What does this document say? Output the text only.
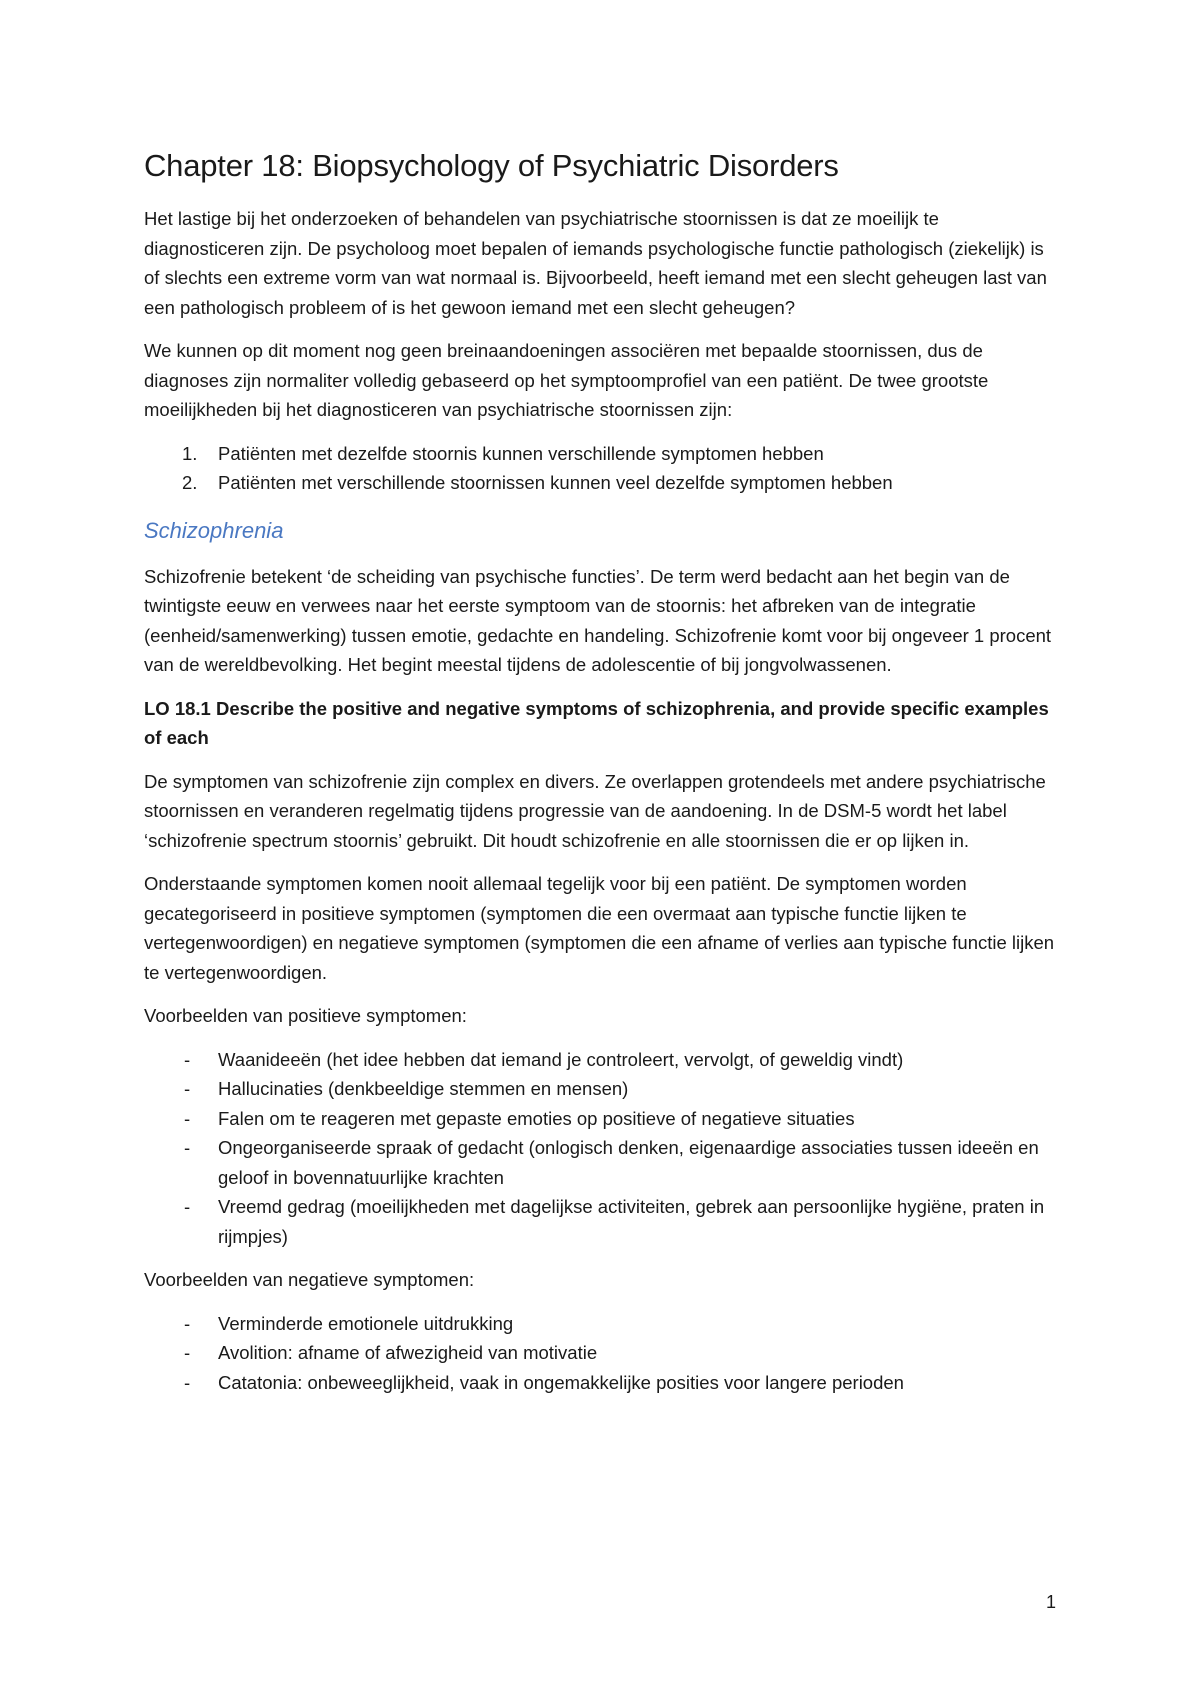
Chapter 18: Biopsychology of Psychiatric Disorders

Het lastige bij het onderzoeken of behandelen van psychiatrische stoornissen is dat ze moeilijk te diagnosticeren zijn. De psycholoog moet bepalen of iemands psychologische functie pathologisch (ziekelijk) is of slechts een extreme vorm van wat normaal is. Bijvoorbeeld, heeft iemand met een slecht geheugen last van een pathologisch probleem of is het gewoon iemand met een slecht geheugen?

We kunnen op dit moment nog geen breinaandoeningen associëren met bepaalde stoornissen, dus de diagnoses zijn normaliter volledig gebaseerd op het symptoomprofiel van een patiënt. De twee grootste moeilijkheden bij het diagnosticeren van psychiatrische stoornissen zijn:

1. Patiënten met dezelfde stoornis kunnen verschillende symptomen hebben
2. Patiënten met verschillende stoornissen kunnen veel dezelfde symptomen hebben
Schizophrenia

Schizofrenie betekent ‘de scheiding van psychische functies’. De term werd bedacht aan het begin van de twintigste eeuw en verwees naar het eerste symptoom van de stoornis: het afbreken van de integratie (eenheid/samenwerking) tussen emotie, gedachte en handeling. Schizofrenie komt voor bij ongeveer 1 procent van de wereldbevolking. Het begint meestal tijdens de adolescentie of bij jongvolwassenen.

LO 18.1 Describe the positive and negative symptoms of schizophrenia, and provide specific examples of each

De symptomen van schizofrenie zijn complex en divers. Ze overlappen grotendeels met andere psychiatrische stoornissen en veranderen regelmatig tijdens progressie van de aandoening. In de DSM-5 wordt het label ‘schizofrenie spectrum stoornis’ gebruikt. Dit houdt schizofrenie en alle stoornissen die er op lijken in.

Onderstaande symptomen komen nooit allemaal tegelijk voor bij een patiënt. De symptomen worden gecategoriseerd in positieve symptomen (symptomen die een overmaat aan typische functie lijken te vertegenwoordigen) en negatieve symptomen (symptomen die een afname of verlies aan typische functie lijken te vertegenwoordigen.

Voorbeelden van positieve symptomen:

- Waanideeën (het idee hebben dat iemand je controleert, vervolgt, of geweldig vindt)
- Hallucinaties (denkbeeldige stemmen en mensen)
- Falen om te reageren met gepaste emoties op positieve of negatieve situaties
- Ongeorganiseerde spraak of gedacht (onlogisch denken, eigenaardige associaties tussen ideeën en geloof in bovennatuurlijke krachten
- Vreemd gedrag (moeilijkheden met dagelijkse activiteiten, gebrek aan persoonlijke hygiëne, praten in rijmpjes)

Voorbeelden van negatieve symptomen:

- Verminderde emotionele uitdrukking
- Avolition: afname of afwezigheid van motivatie
- Catatonia: onbeweeglijkheid, vaak in ongemakkelijke posities voor langere perioden
1
